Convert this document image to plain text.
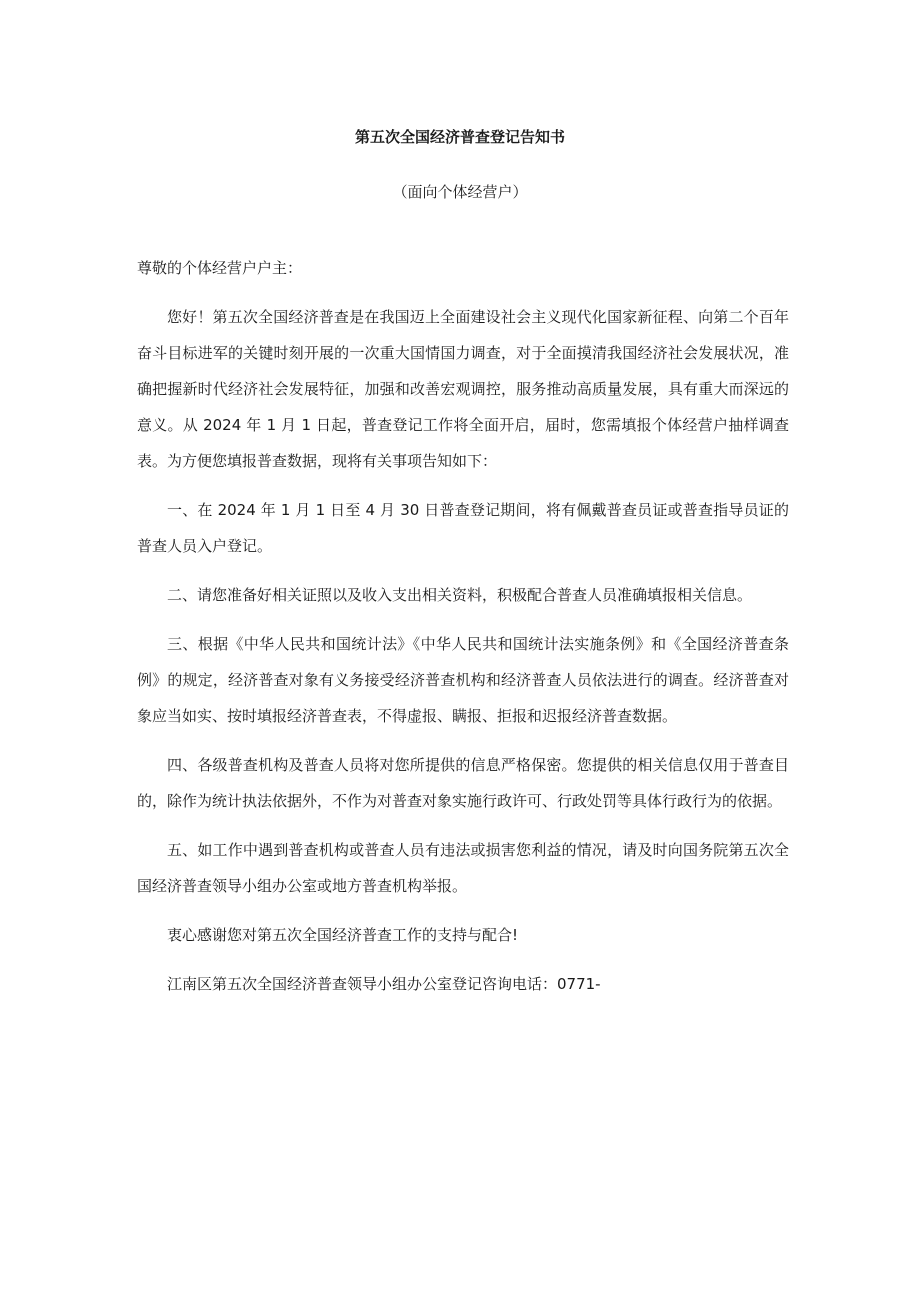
第五次全国经济普查登记告知书
（面向个体经营户）

尊敬的个体经营户户主：

您好！第五次全国经济普查是在我国迈上全面建设社会主义现代化国家新征程、向第二个百年奋斗目标进军的关键时刻开展的一次重大国情国力调查，对于全面摸清我国经济社会发展状况，准确把握新时代经济社会发展特征，加强和改善宏观调控，服务推动高质量发展，具有重大而深远的意义。从 2024 年 1 月 1 日起，普查登记工作将全面开启，届时，您需填报个体经营户抽样调查表。为方便您填报普查数据，现将有关事项告知如下：

一、在 2024 年 1 月 1 日至 4 月 30 日普查登记期间，将有佩戴普查员证或普查指导员证的普查人员入户登记。

二、请您准备好相关证照以及收入支出相关资料，积极配合普查人员准确填报相关信息。

三、根据《中华人民共和国统计法》《中华人民共和国统计法实施条例》和《全国经济普查条例》的规定，经济普查对象有义务接受经济普查机构和经济普查人员依法进行的调查。经济普查对象应当如实、按时填报经济普查表，不得虚报、瞒报、拒报和迟报经济普查数据。

四、各级普查机构及普查人员将对您所提供的信息严格保密。您提供的相关信息仅用于普查目的，除作为统计执法依据外，不作为对普查对象实施行政许可、行政处罚等具体行政行为的依据。

五、如工作中遇到普查机构或普查人员有违法或损害您利益的情况，请及时向国务院第五次全国经济普查领导小组办公室或地方普查机构举报。

衷心感谢您对第五次全国经济普查工作的支持与配合!

江南区第五次全国经济普查领导小组办公室登记咨询电话：0771-
